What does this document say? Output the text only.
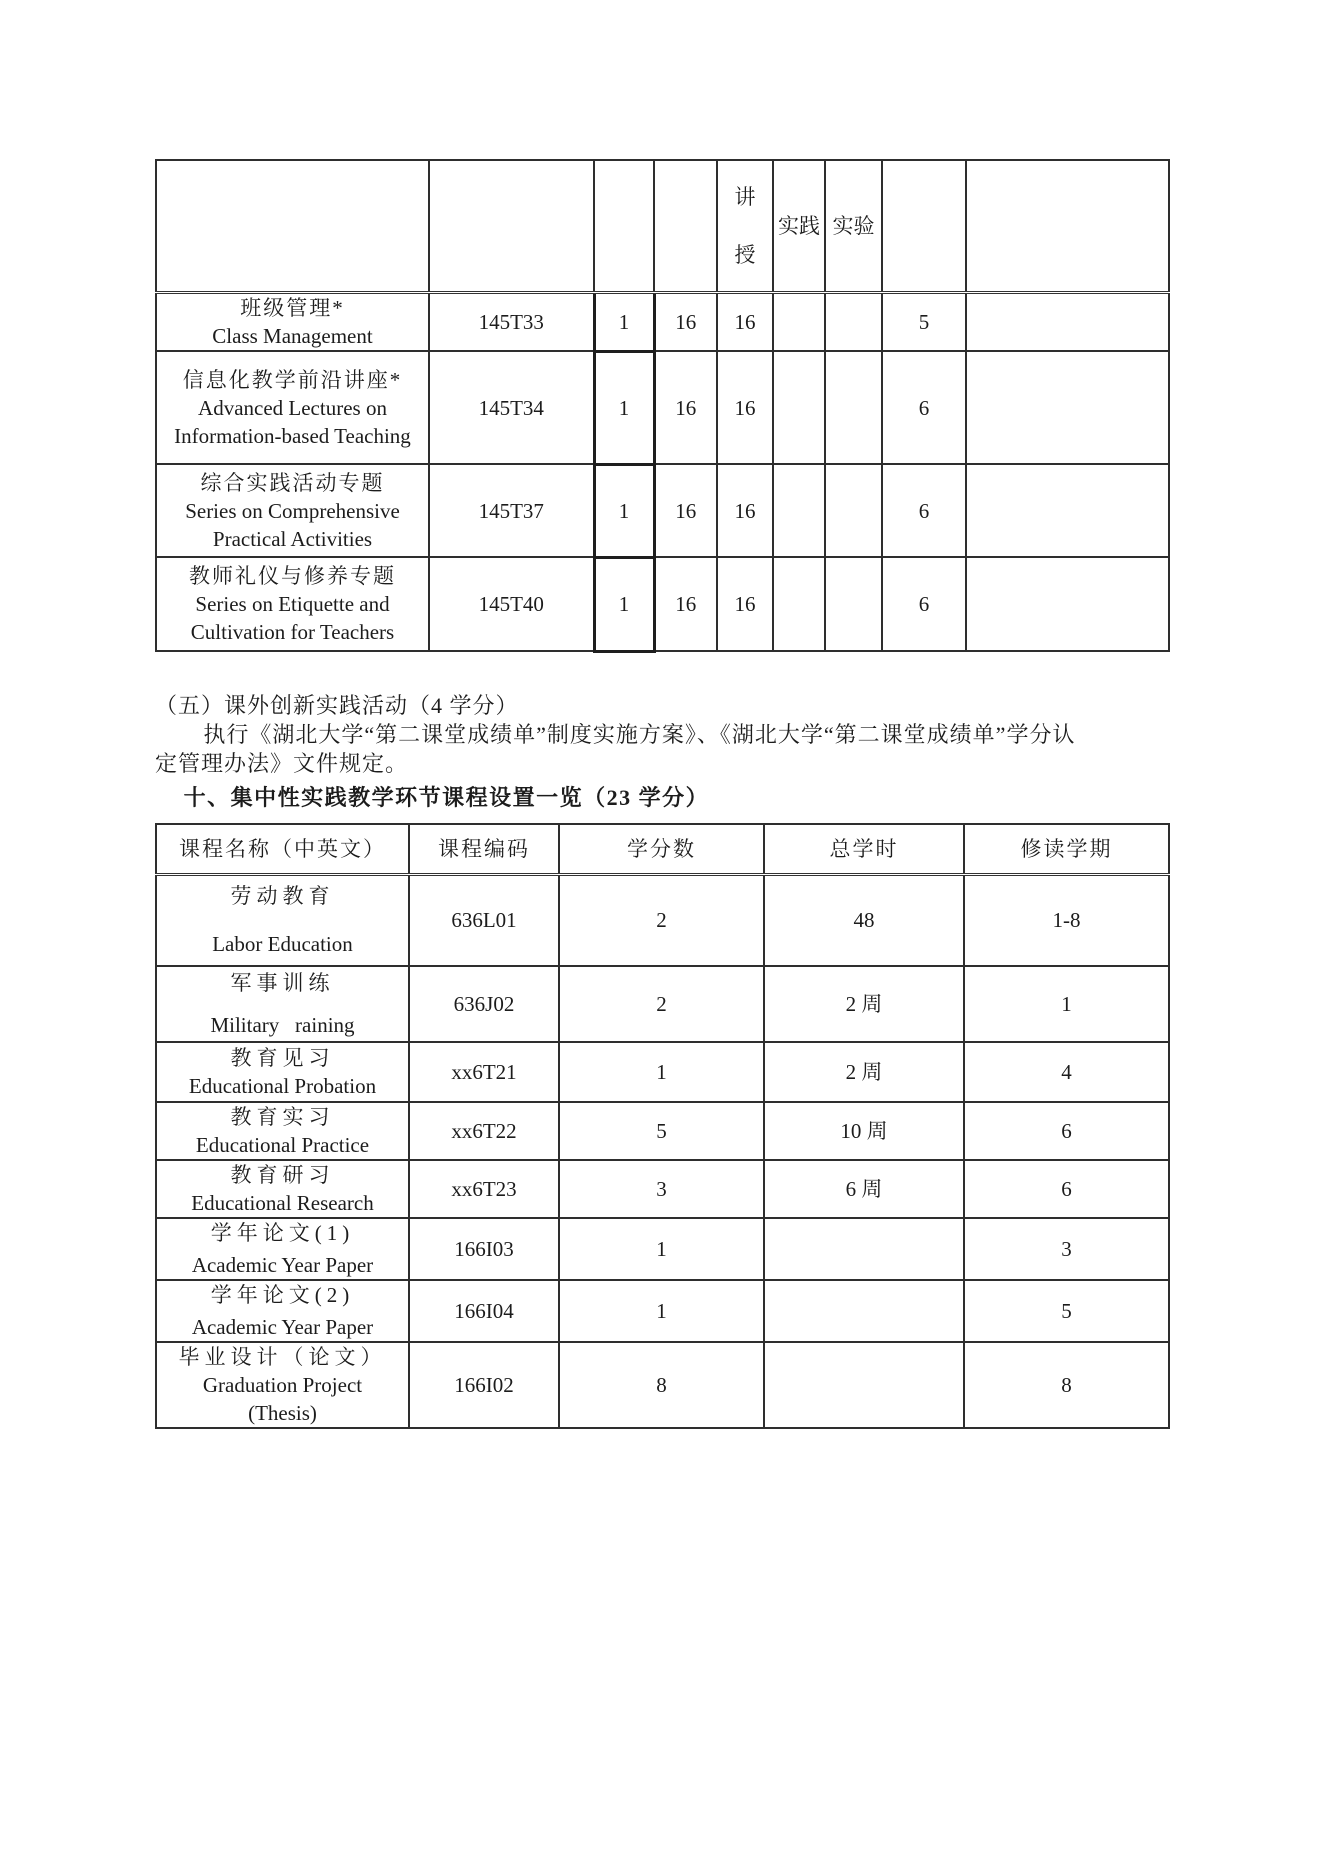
				讲授	实践	实验		

班级管理*
Class Management	145T33	1	16	16			5	

信息化教学前沿讲座*
Advanced Lectures on Information-based Teaching	145T34	1	16	16			6	

综合实践活动专题
Series on Comprehensive Practical Activities	145T37	1	16	16			6	

教师礼仪与修养专题
Series on Etiquette and Cultivation for Teachers	145T40	1	16	16			6	
（五）课外创新实践活动（4 学分）
执行《湖北大学“第二课堂成绩单”制度实施方案》、《湖北大学“第二课堂成绩单”学分认
定管理办法》文件规定。
十、集中性实践教学环节课程设置一览（23 学分）
课程名称（中英文）	课程编码	学分数	总学时	修读学期

劳动教育
Labor Education	636L01	2	48	1-8

军事训练
Military   raining	636J02	2	2 周	1

教育见习
Educational Probation	xx6T21	1	2 周	4

教育实习
Educational Practice	xx6T22	5	10 周	6

教育研习
Educational Research	xx6T23	3	6 周	6

学年论文(1)
Academic Year Paper	166I03	1		3

学年论文(2)
Academic Year Paper	166I04	1		5

毕业设计（论文）
Graduation Project
(Thesis)	166I02	8		8
